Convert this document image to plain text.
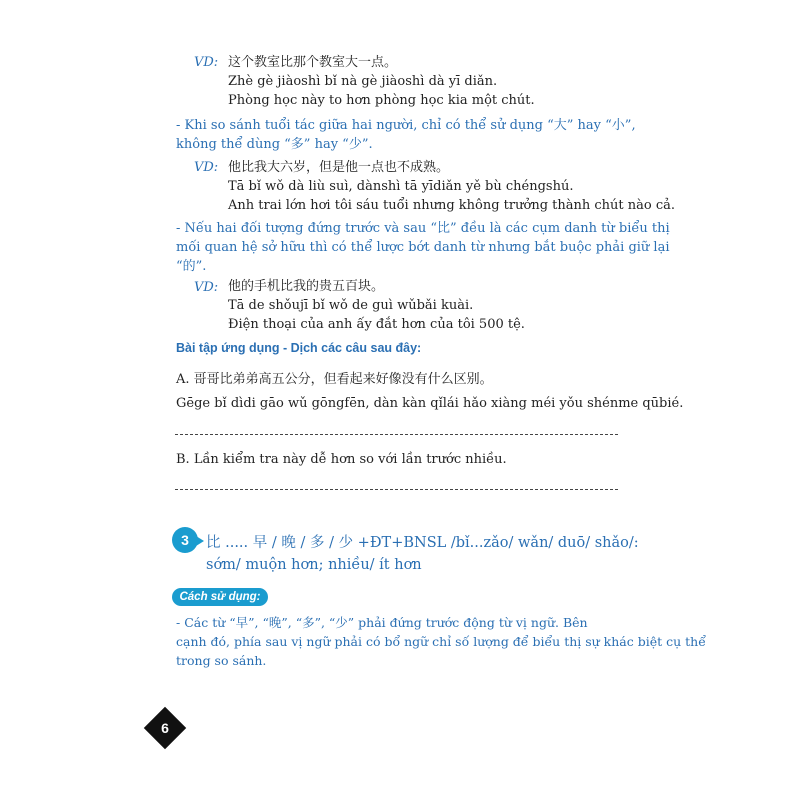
VD: 这个教室比那个教室大一点。
Zhè gè jiàoshì bǐ nà gè jiàoshì dà yī diǎn.
Phòng học này to hơn phòng học kia một chút.
- Khi so sánh tuổi tác giữa hai người, chỉ có thể sử dụng “大” hay “小”,
không thể dùng “多” hay “少”.
VD: 他比我大六岁，但是他一点也不成熟。
Tā bǐ wǒ dà liù suì, dànshì tā yīdiǎn yě bù chéngshú.
Anh trai lớn hơi tôi sáu tuổi nhưng không trưởng thành chút nào cả.
- Nếu hai đối tượng đứng trước và sau “比” đều là các cụm danh từ biểu thị
mối quan hệ sở hữu thì có thể lược bớt danh từ nhưng bắt buộc phải giữ lại
“的”.
VD: 他的手机比我的贵五百块。
Tā de shǒujī bǐ wǒ de guì wǔbǎi kuài.
Điện thoại của anh ấy đắt hơn của tôi 500 tệ.
Bài tập ứng dụng - Dịch các câu sau đây:
A. 哥哥比弟弟高五公分，但看起来好像没有什么区别。
Gēge bǐ dìdi gāo wǔ gōngfēn, dàn kàn qǐlái hǎo xiàng méi yǒu shénme qūbié.
B. Lần kiểm tra này dễ hơn so với lần trước nhiều.
3 比 ..... 早 / 晚 / 多 / 少 +ĐT+BNSL /bǐ...zǎo/ wǎn/ duō/ shǎo/:
sớm/ muộn hơn; nhiều/ ít hơn
Cách sử dụng:
- Các từ “早”, “晚”, “多”, “少” phải đứng trước động từ vị ngữ. Bên
cạnh đó, phía sau vị ngữ phải có bổ ngữ chỉ số lượng để biểu thị sự khác biệt cụ thể
trong so sánh.
6
